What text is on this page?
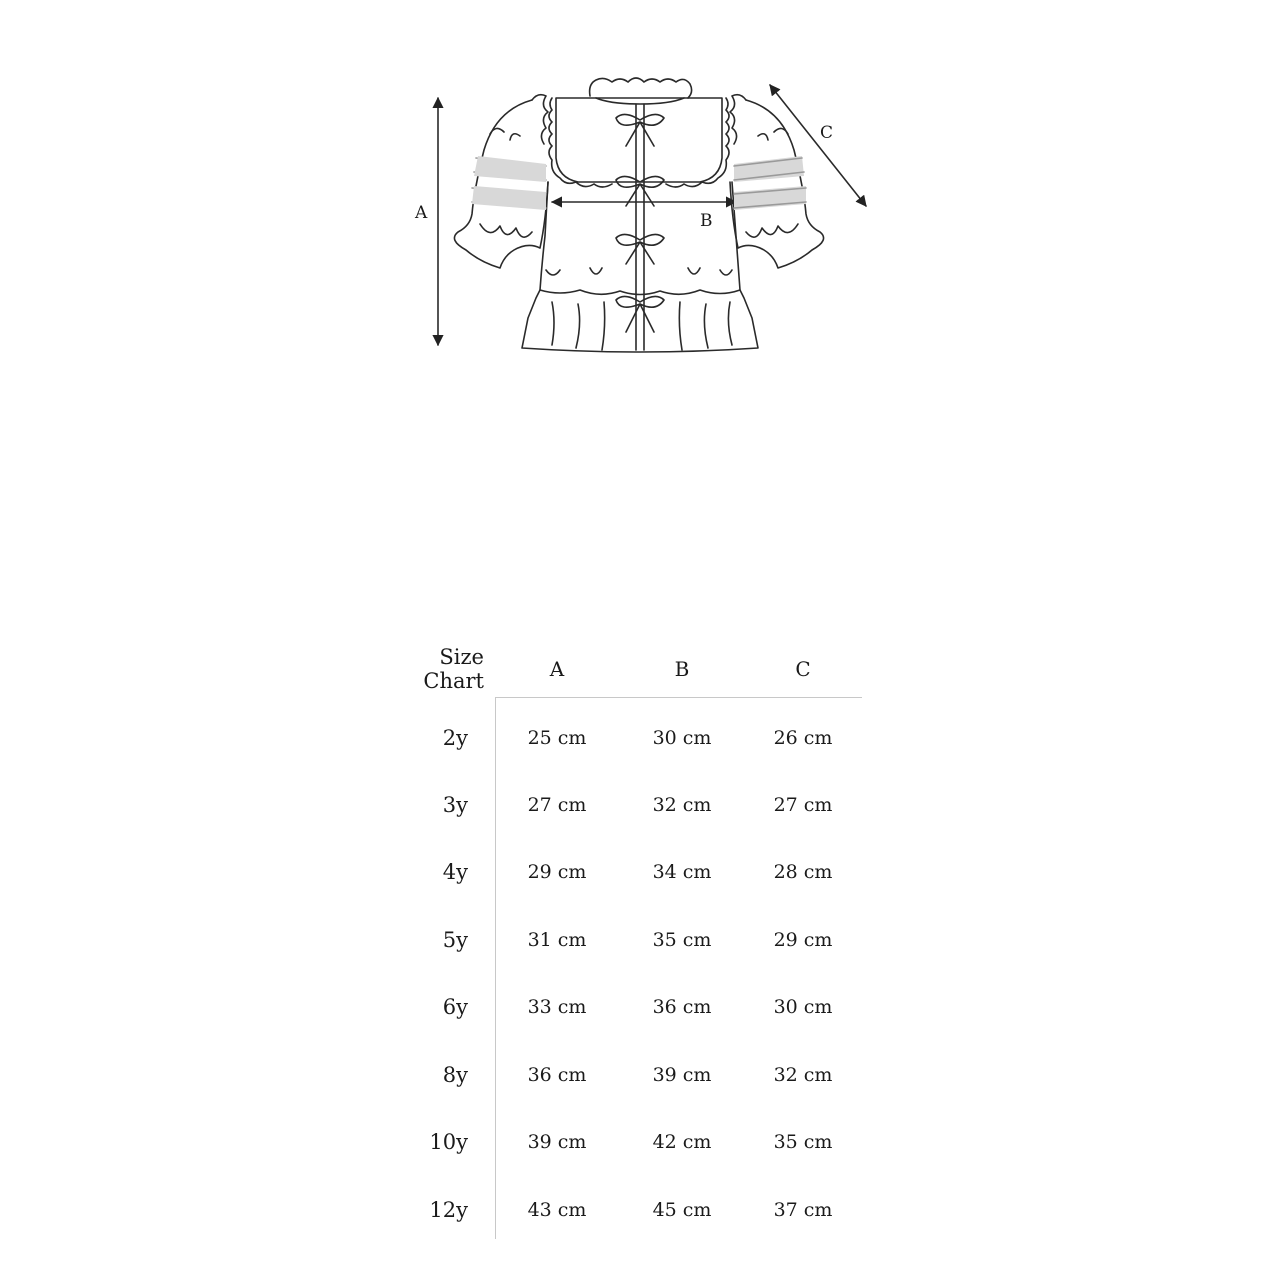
A	B
C
Size
Chart	A	B	C
2y	25 cm	30 cm	26 cm
3y	27 cm	32 cm	27 cm
4y	29 cm	34 cm	28 cm
5y	31 cm	35 cm	29 cm
6y	33 cm	36 cm	30 cm
8y	36 cm	39 cm	32 cm
10y	39 cm	42 cm	35 cm
12y	43 cm	45 cm	37 cm
